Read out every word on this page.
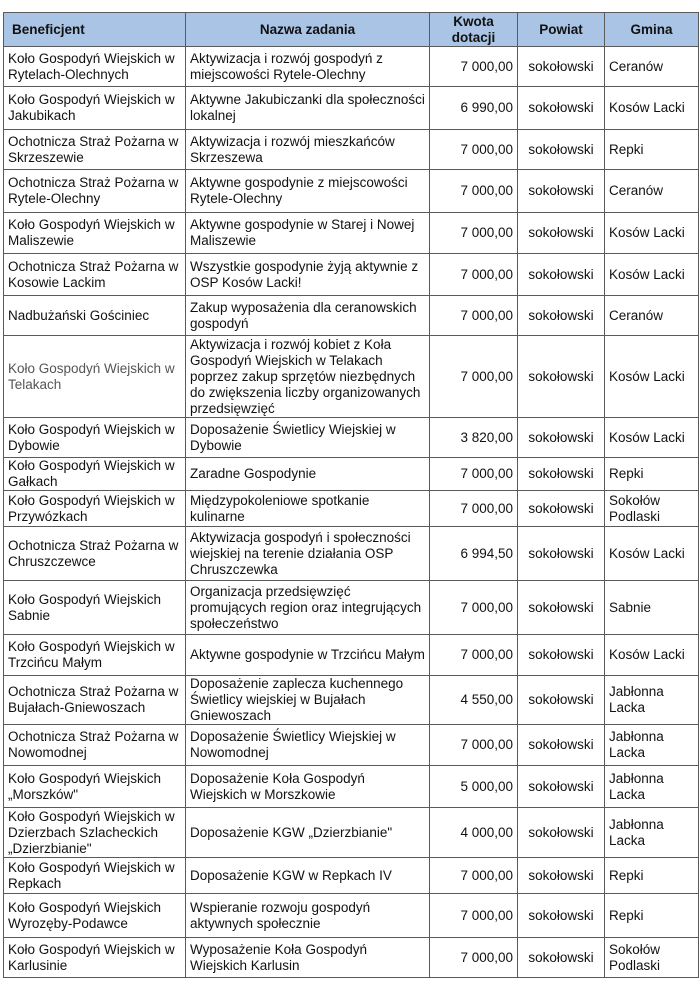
Beneficjent	Nazwa zadania	Kwota dotacji	Powiat	Gmina
Koło Gospodyń Wiejskich w Rytelach-Olechnych	Aktywizacja i rozwój gospodyń z miejscowości Rytele-Olechny	7 000,00	sokołowski	Ceranów
Koło Gospodyń Wiejskich w Jakubikach	Aktywne Jakubiczanki dla społeczności lokalnej	6 990,00	sokołowski	Kosów Lacki
Ochotnicza Straż Pożarna w Skrzeszewie	Aktywizacja i rozwój mieszkańców Skrzeszewa	7 000,00	sokołowski	Repki
Ochotnicza Straż Pożarna w Rytele-Olechny	Aktywne gospodynie z miejscowości Rytele-Olechny	7 000,00	sokołowski	Ceranów
Koło Gospodyń Wiejskich w Maliszewie	Aktywne gospodynie w Starej i Nowej Maliszewie	7 000,00	sokołowski	Kosów Lacki
Ochotnicza Straż Pożarna w Kosowie Lackim	Wszystkie gospodynie żyją aktywnie z OSP Kosów Lacki!	7 000,00	sokołowski	Kosów Lacki
Nadbużański Gościniec	Zakup wyposażenia dla ceranowskich gospodyń	7 000,00	sokołowski	Ceranów
Koło Gospodyń Wiejskich w Telakach	Aktywizacja i rozwój kobiet z Koła Gospodyń Wiejskich w Telakach poprzez zakup sprzętów niezbędnych do zwiększenia liczby organizowanych przedsięwzięć	7 000,00	sokołowski	Kosów Lacki
Koło Gospodyń Wiejskich w Dybowie	Doposażenie Świetlicy Wiejskiej w Dybowie	3 820,00	sokołowski	Kosów Lacki
Koło Gospodyń Wiejskich w Gałkach	Zaradne Gospodynie	7 000,00	sokołowski	Repki
Koło Gospodyń Wiejskich w Przywózkach	Międzypokoleniowe spotkanie kulinarne	7 000,00	sokołowski	Sokołów Podlaski
Ochotnicza Straż Pożarna w Chruszczewce	Aktywizacja gospodyń i społeczności wiejskiej na terenie działania OSP Chruszczewka	6 994,50	sokołowski	Kosów Lacki
Koło Gospodyń Wiejskich Sabnie	Organizacja przedsięwzięć promujących region oraz integrujących społeczeństwo	7 000,00	sokołowski	Sabnie
Koło Gospodyń Wiejskich w Trzcińcu Małym	Aktywne gospodynie w Trzcińcu Małym	7 000,00	sokołowski	Kosów Lacki
Ochotnicza Straż Pożarna w Bujałach-Gniewoszach	Doposażenie zaplecza kuchennego Świetlicy wiejskiej w Bujałach Gniewoszach	4 550,00	sokołowski	Jabłonna Lacka
Ochotnicza Straż Pożarna w Nowomodnej	Doposażenie Świetlicy Wiejskiej w Nowomodnej	7 000,00	sokołowski	Jabłonna Lacka
Koło Gospodyń Wiejskich „Morszków"	Doposażenie Koła Gospodyń Wiejskich w Morszkowie	5 000,00	sokołowski	Jabłonna Lacka
Koło Gospodyń Wiejskich w Dzierzbach Szlacheckich „Dzierzbianie"	Doposażenie KGW „Dzierzbianie"	4 000,00	sokołowski	Jabłonna Lacka
Koło Gospodyń Wiejskich w Repkach	Doposażenie KGW w Repkach IV	7 000,00	sokołowski	Repki
Koło Gospodyń Wiejskich Wyrozęby-Podawce	Wspieranie rozwoju gospodyń aktywnych społecznie	7 000,00	sokołowski	Repki
Koło Gospodyń Wiejskich w Karlusinie	Wyposażenie Koła Gospodyń Wiejskich Karlusin	7 000,00	sokołowski	Sokołów Podlaski
